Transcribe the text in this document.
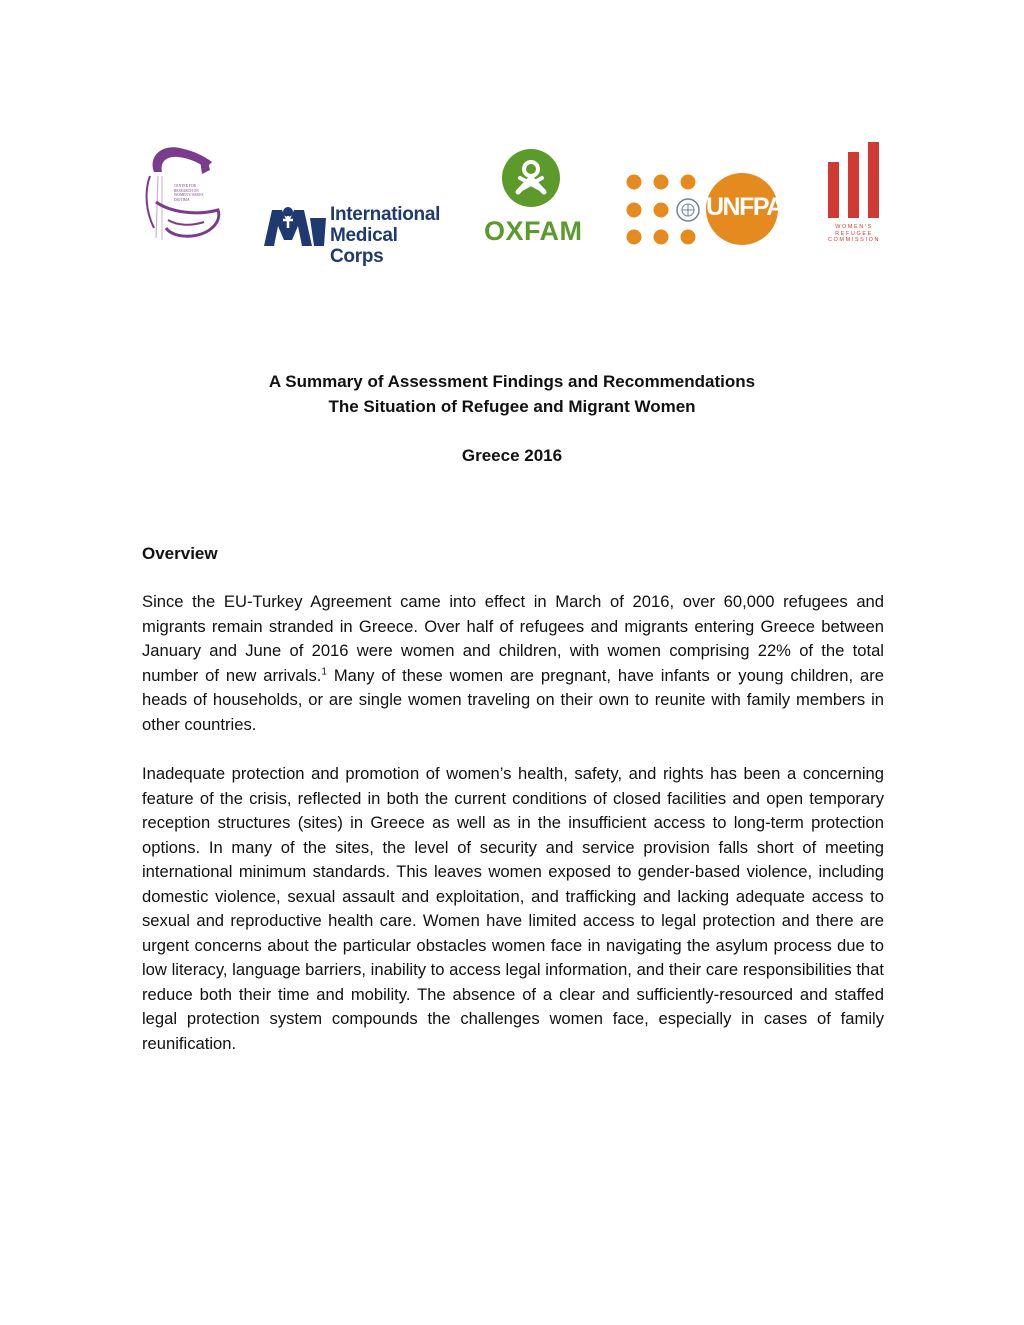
CENTER FOR RESEARCH ON WOMEN'S ISSUES DIOTIMA
International
Medical Corps
OXFAM
UNFPA
WOMEN'S
REFUGEE
COMMISSION
A Summary of Assessment Findings and Recommendations
The Situation of Refugee and Migrant Women
Greece 2016
Overview

Since the EU-Turkey Agreement came into effect in March of 2016, over 60,000 refugees and migrants remain stranded in Greece. Over half of refugees and migrants entering Greece between January and June of 2016 were women and children, with women comprising 22% of the total number of new arrivals.$^1$ Many of these women are pregnant, have infants or young children, are heads of households, or are single women traveling on their own to reunite with family members in other countries.

Inadequate protection and promotion of women’s health, safety, and rights has been a concerning feature of the crisis, reflected in both the current conditions of closed facilities and open temporary reception structures (sites) in Greece as well as in the insufficient access to long-term protection options. In many of the sites, the level of security and service provision falls short of meeting international minimum standards. This leaves women exposed to gender-based violence, including domestic violence, sexual assault and exploitation, and trafficking and lacking adequate access to sexual and reproductive health care. Women have limited access to legal protection and there are urgent concerns about the particular obstacles women face in navigating the asylum process due to low literacy, language barriers, inability to access legal information, and their care responsibilities that reduce both their time and mobility. The absence of a clear and sufficiently-resourced and staffed legal protection system compounds the challenges women face, especially in cases of family reunification.
